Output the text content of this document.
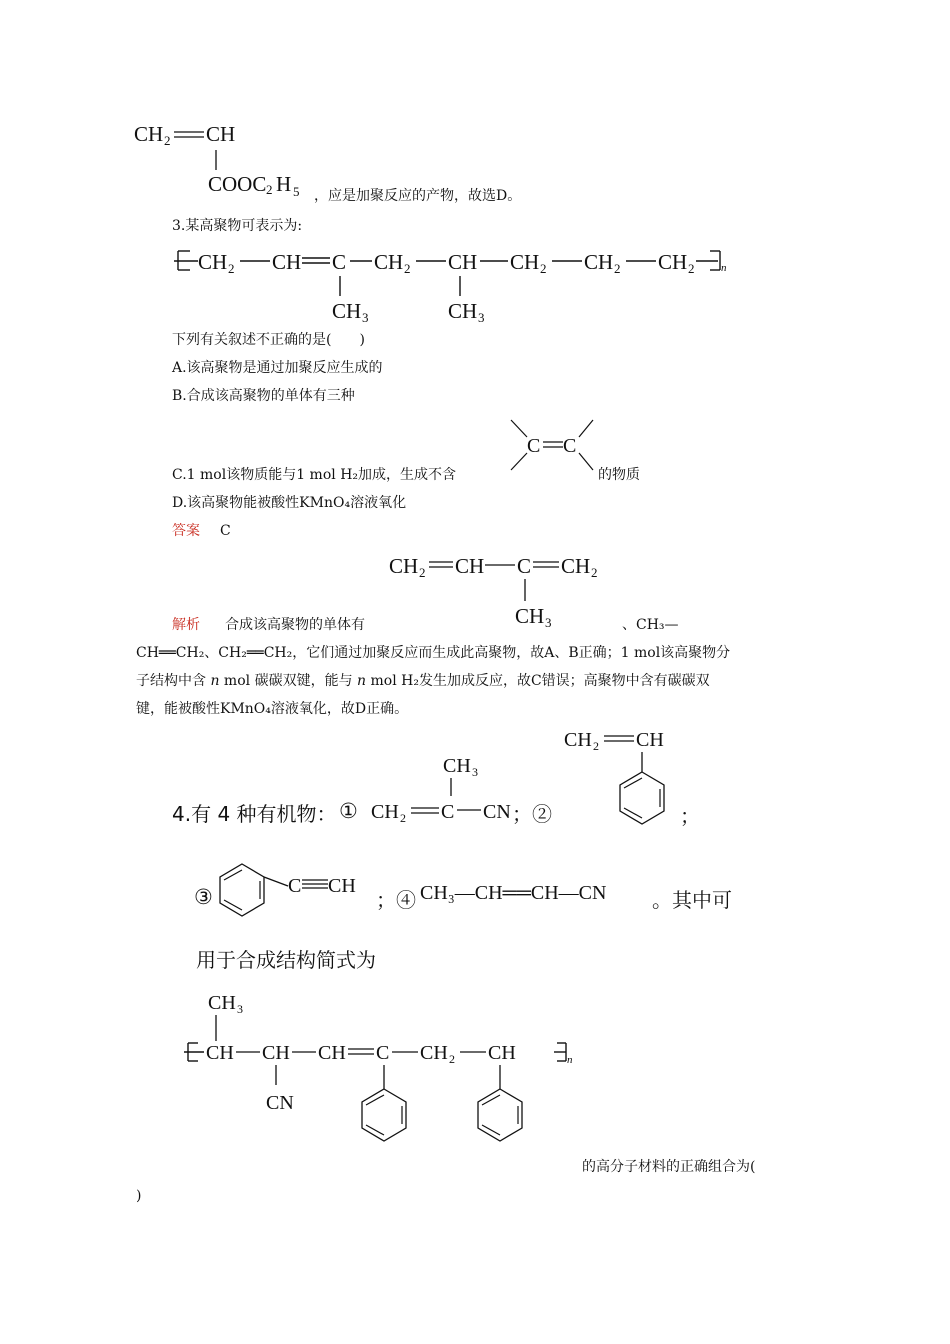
CH 2 CH
COOC 2 H 5 ，应是加聚反应的产物，故选D。
3.某高聚物可表示为:
CH 2 CH C
CH 3
CH 2 CH
CH 3
CH 2 CH 2 CH 2 n
下列有关叙述不正确的是(　　)
A.该高聚物是通过加聚反应生成的
B.合成该高聚物的单体有三种
C C
C.1 mol该物质能与1 mol H₂加成，生成不含	的物质
D.该高聚物能被酸性KMnO₄溶液氧化
答案 C
CH 2 CH C CH 2
CH 3
解析 合成该高聚物的单体有	、CH₃—
CH══CH₂、CH₂══CH₂，它们通过加聚反应而生成此高聚物，故A、B正确；1 mol该高聚物分
子结构中含 n mol 碳碳双键，能与 n mol H₂发生加成反应，故C错误；高聚物中含有碳碳双
键，能被酸性KMnO₄溶液氧化，故D正确。
4.有 4 种有机物：
CH 3
① CH 2 C CN ；②
CH 2 CH
；
③	C CH
；④ CH₃—CH══CH—CN 。其中可
用于合成结构简式为
CH 3
CH CH
CN
CH C CH 2 CH	n
的高分子材料的正确组合为(
)
